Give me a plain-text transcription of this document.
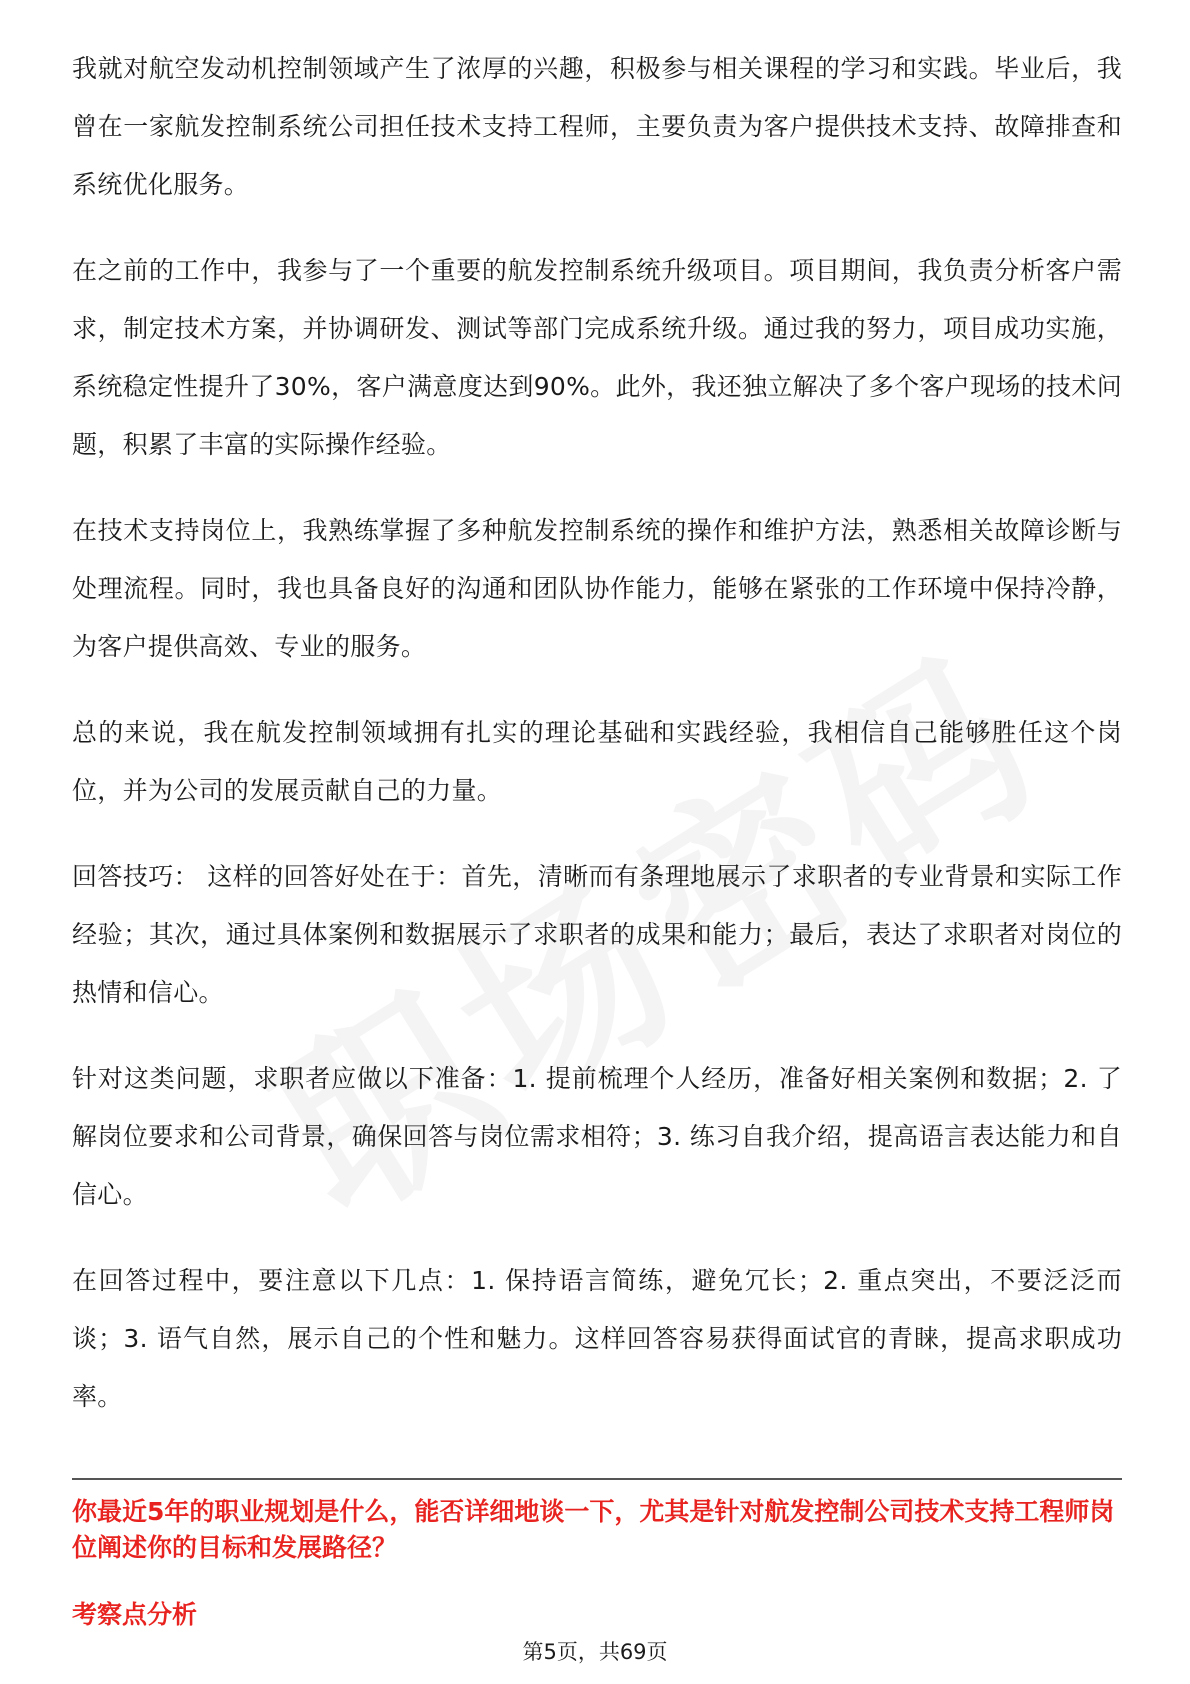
我就对航空发动机控制领域产生了浓厚的兴趣，积极参与相关课程的学习和实践。毕业后，我曾在一家航发控制系统公司担任技术支持工程师，主要负责为客户提供技术支持、故障排查和系统优化服务。

在之前的工作中，我参与了一个重要的航发控制系统升级项目。项目期间，我负责分析客户需求，制定技术方案，并协调研发、测试等部门完成系统升级。通过我的努力，项目成功实施，系统稳定性提升了30%，客户满意度达到90%。此外，我还独立解决了多个客户现场的技术问题，积累了丰富的实际操作经验。

在技术支持岗位上，我熟练掌握了多种航发控制系统的操作和维护方法，熟悉相关故障诊断与处理流程。同时，我也具备良好的沟通和团队协作能力，能够在紧张的工作环境中保持冷静，为客户提供高效、专业的服务。

总的来说，我在航发控制领域拥有扎实的理论基础和实践经验，我相信自己能够胜任这个岗位，并为公司的发展贡献自己的力量。

回答技巧： 这样的回答好处在于：首先，清晰而有条理地展示了求职者的专业背景和实际工作经验；其次，通过具体案例和数据展示了求职者的成果和能力；最后，表达了求职者对岗位的热情和信心。

针对这类问题，求职者应做以下准备：1. 提前梳理个人经历，准备好相关案例和数据；2. 了解岗位要求和公司背景，确保回答与岗位需求相符；3. 练习自我介绍，提高语言表达能力和自信心。

在回答过程中，要注意以下几点：1. 保持语言简练，避免冗长；2. 重点突出，不要泛泛而谈；3. 语气自然，展示自己的个性和魅力。这样回答容易获得面试官的青睐，提高求职成功率。

你最近5年的职业规划是什么，能否详细地谈一下，尤其是针对航发控制公司技术支持工程师岗位阐述你的目标和发展路径？
考察点分析
第5页，共69页
